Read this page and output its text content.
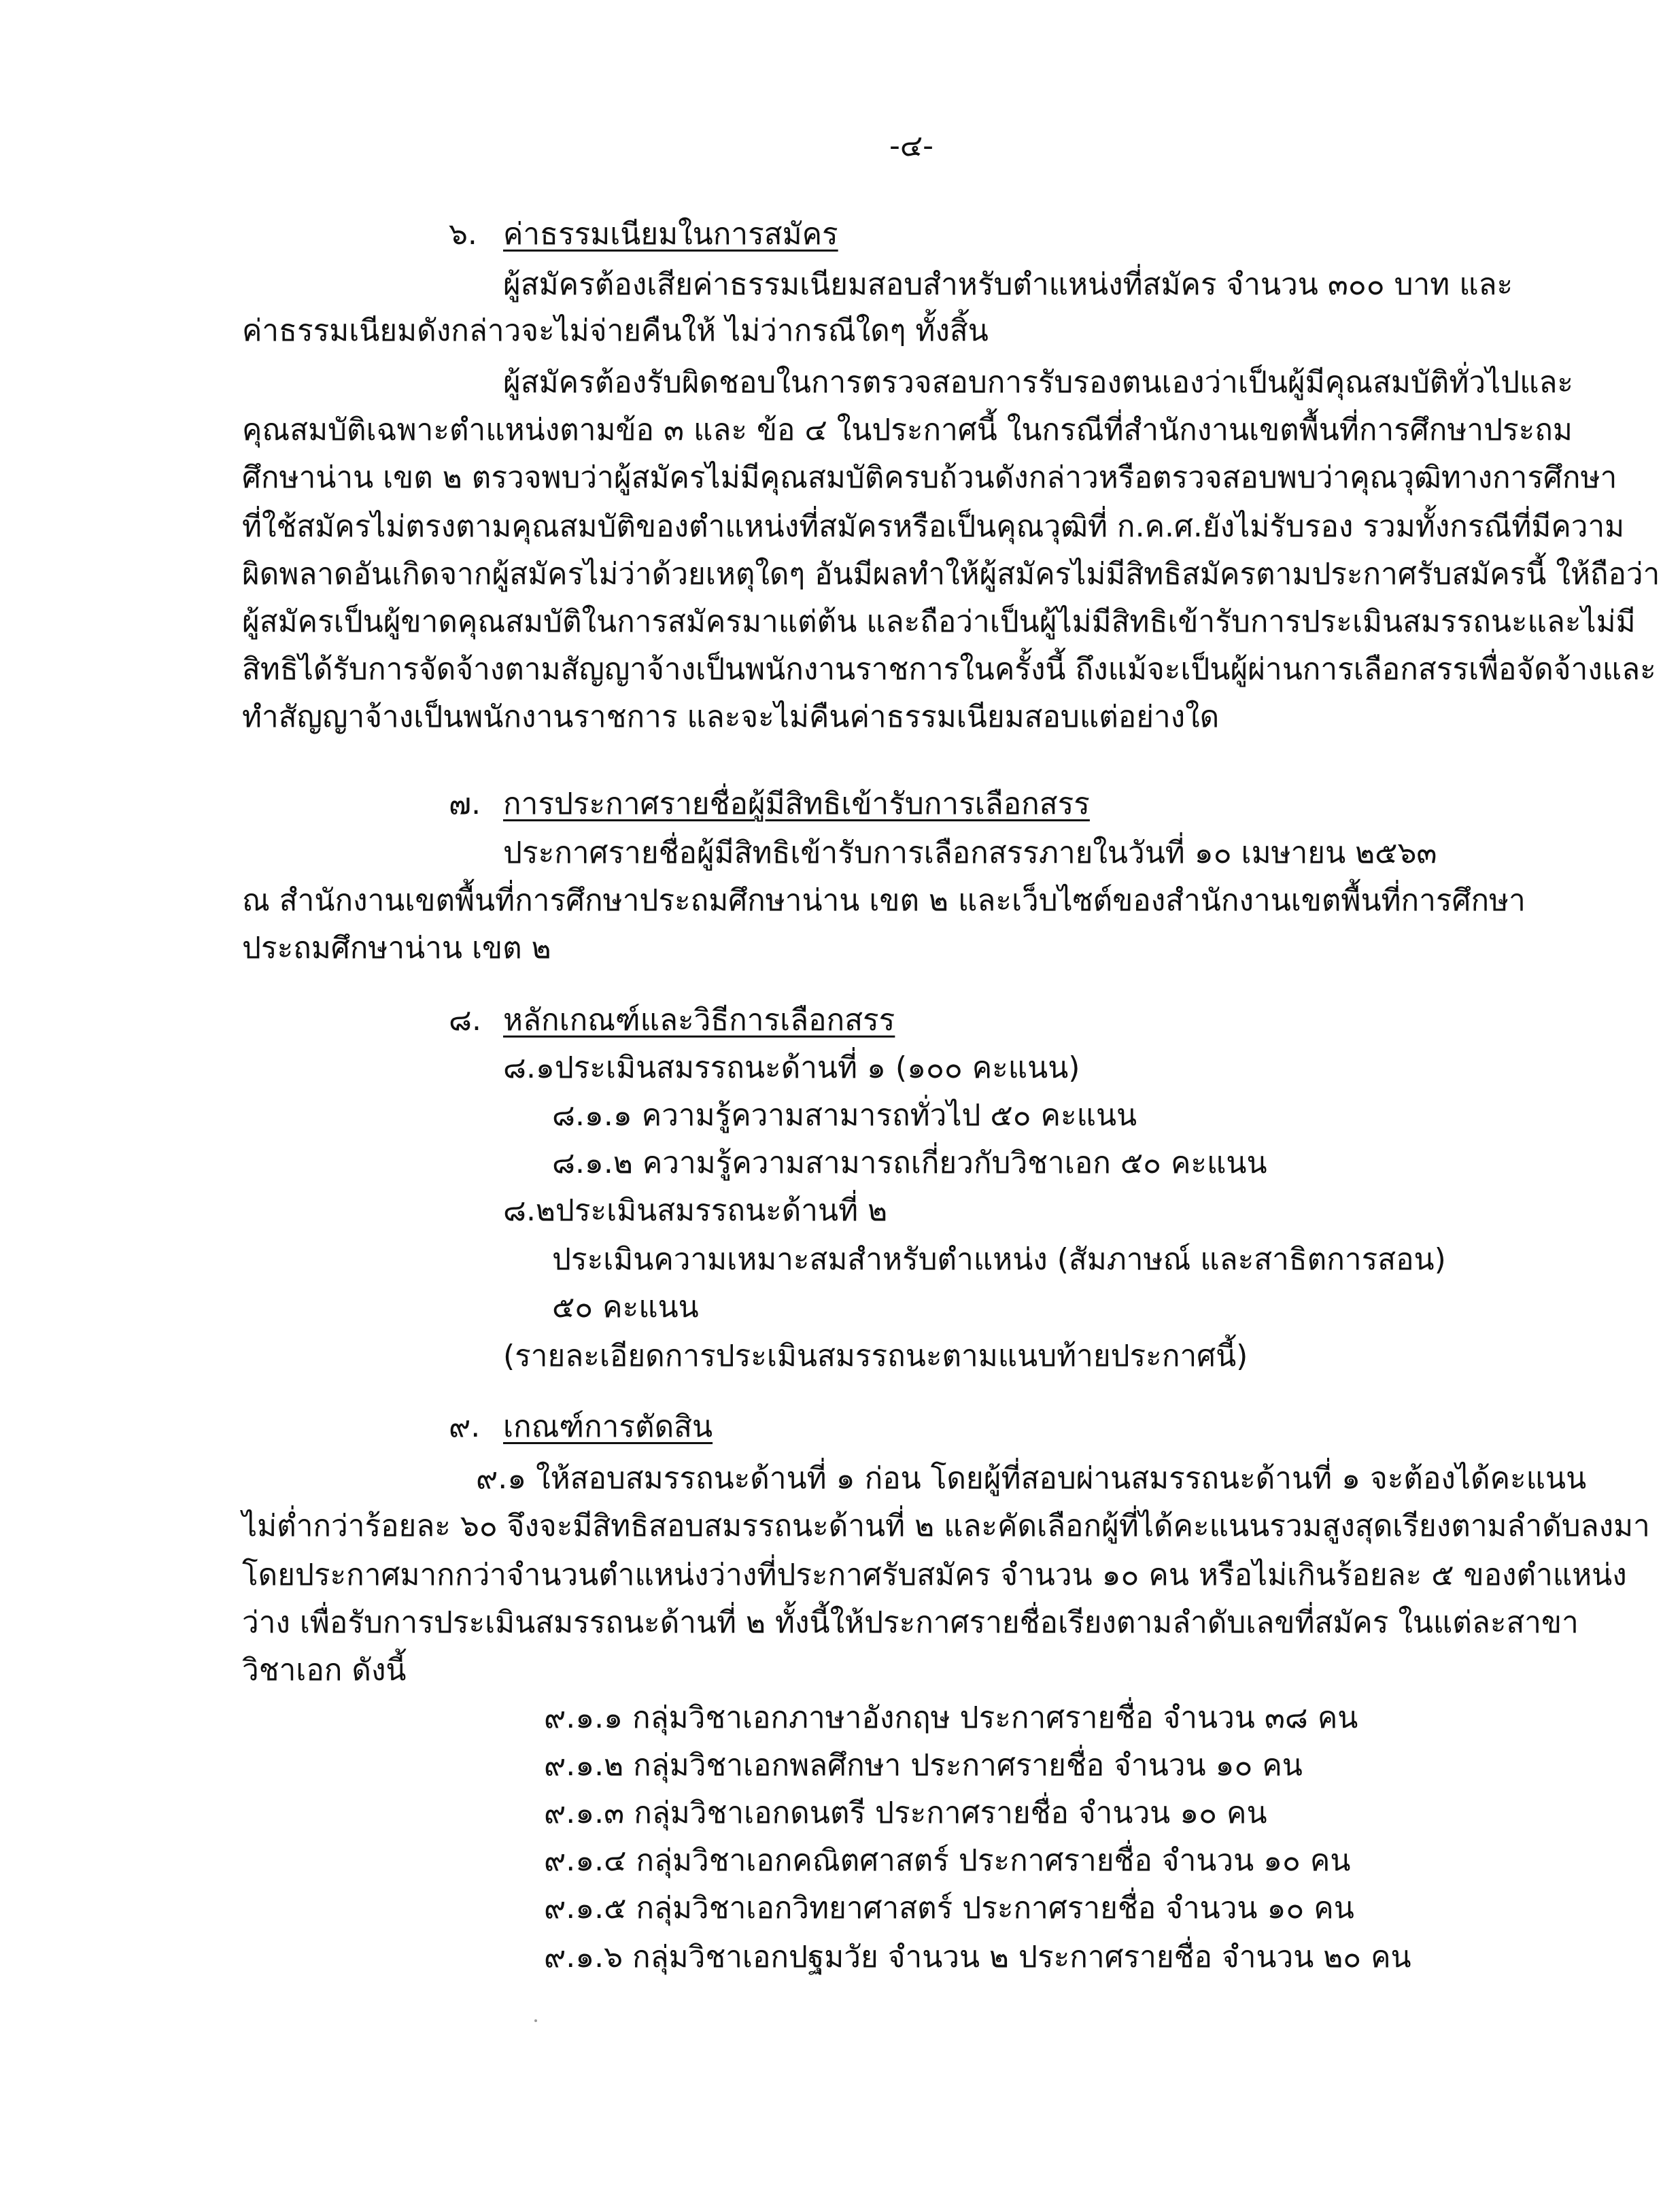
-๔-
๖. ค่าธรรมเนียมในการสมัคร
ผู้สมัครต้องเสียค่าธรรมเนียมสอบสำหรับตำแหน่งที่สมัคร จำนวน ๓๐๐ บาท และ
ค่าธรรมเนียมดังกล่าวจะไม่จ่ายคืนให้ ไม่ว่ากรณีใดๆ ทั้งสิ้น
ผู้สมัครต้องรับผิดชอบในการตรวจสอบการรับรองตนเองว่าเป็นผู้มีคุณสมบัติทั่วไปและ
คุณสมบัติเฉพาะตำแหน่งตามข้อ ๓ และ ข้อ ๔ ในประกาศนี้ ในกรณีที่สำนักงานเขตพื้นที่การศึกษาประถม
ศึกษาน่าน เขต ๒ ตรวจพบว่าผู้สมัครไม่มีคุณสมบัติครบถ้วนดังกล่าวหรือตรวจสอบพบว่าคุณวุฒิทางการศึกษา
ที่ใช้สมัครไม่ตรงตามคุณสมบัติของตำแหน่งที่สมัครหรือเป็นคุณวุฒิที่ ก.ค.ศ.ยังไม่รับรอง รวมทั้งกรณีที่มีความ
ผิดพลาดอันเกิดจากผู้สมัครไม่ว่าด้วยเหตุใดๆ อันมีผลทำให้ผู้สมัครไม่มีสิทธิสมัครตามประกาศรับสมัครนี้ ให้ถือว่า
ผู้สมัครเป็นผู้ขาดคุณสมบัติในการสมัครมาแต่ต้น และถือว่าเป็นผู้ไม่มีสิทธิเข้ารับการประเมินสมรรถนะและไม่มี
สิทธิได้รับการจัดจ้างตามสัญญาจ้างเป็นพนักงานราชการในครั้งนี้ ถึงแม้จะเป็นผู้ผ่านการเลือกสรรเพื่อจัดจ้างและ
ทำสัญญาจ้างเป็นพนักงานราชการ และจะไม่คืนค่าธรรมเนียมสอบแต่อย่างใด
๗. การประกาศรายชื่อผู้มีสิทธิเข้ารับการเลือกสรร
ประกาศรายชื่อผู้มีสิทธิเข้ารับการเลือกสรรภายในวันที่ ๑๐ เมษายน ๒๕๖๓
ณ สำนักงานเขตพื้นที่การศึกษาประถมศึกษาน่าน เขต ๒ และเว็บไซต์ของสำนักงานเขตพื้นที่การศึกษา
ประถมศึกษาน่าน เขต ๒
๘. หลักเกณฑ์และวิธีการเลือกสรร
๘.๑ประเมินสมรรถนะด้านที่ ๑ (๑๐๐ คะแนน)
๘.๑.๑ ความรู้ความสามารถทั่วไป ๕๐ คะแนน
๘.๑.๒ ความรู้ความสามารถเกี่ยวกับวิชาเอก ๕๐ คะแนน
๘.๒ประเมินสมรรถนะด้านที่ ๒
ประเมินความเหมาะสมสำหรับตำแหน่ง (สัมภาษณ์ และสาธิตการสอน)
๕๐ คะแนน
(รายละเอียดการประเมินสมรรถนะตามแนบท้ายประกาศนี้)
๙. เกณฑ์การตัดสิน
๙.๑ ให้สอบสมรรถนะด้านที่ ๑ ก่อน โดยผู้ที่สอบผ่านสมรรถนะด้านที่ ๑ จะต้องได้คะแนน
ไม่ต่ำกว่าร้อยละ ๖๐ จึงจะมีสิทธิสอบสมรรถนะด้านที่ ๒ และคัดเลือกผู้ที่ได้คะแนนรวมสูงสุดเรียงตามลำดับลงมา
โดยประกาศมากกว่าจำนวนตำแหน่งว่างที่ประกาศรับสมัคร จำนวน ๑๐ คน หรือไม่เกินร้อยละ ๕ ของตำแหน่ง
ว่าง เพื่อรับการประเมินสมรรถนะด้านที่ ๒ ทั้งนี้ให้ประกาศรายชื่อเรียงตามลำดับเลขที่สมัคร ในแต่ละสาขา
วิชาเอก ดังนี้
๙.๑.๑ กลุ่มวิชาเอกภาษาอังกฤษ ประกาศรายชื่อ จำนวน ๓๘ คน
๙.๑.๒ กลุ่มวิชาเอกพลศึกษา ประกาศรายชื่อ จำนวน ๑๐ คน
๙.๑.๓ กลุ่มวิชาเอกดนตรี ประกาศรายชื่อ จำนวน ๑๐ คน
๙.๑.๔ กลุ่มวิชาเอกคณิตศาสตร์ ประกาศรายชื่อ จำนวน ๑๐ คน
๙.๑.๕ กลุ่มวิชาเอกวิทยาศาสตร์ ประกาศรายชื่อ จำนวน ๑๐ คน
๙.๑.๖ กลุ่มวิชาเอกปฐมวัย จำนวน ๒ ประกาศรายชื่อ จำนวน ๒๐ คน
